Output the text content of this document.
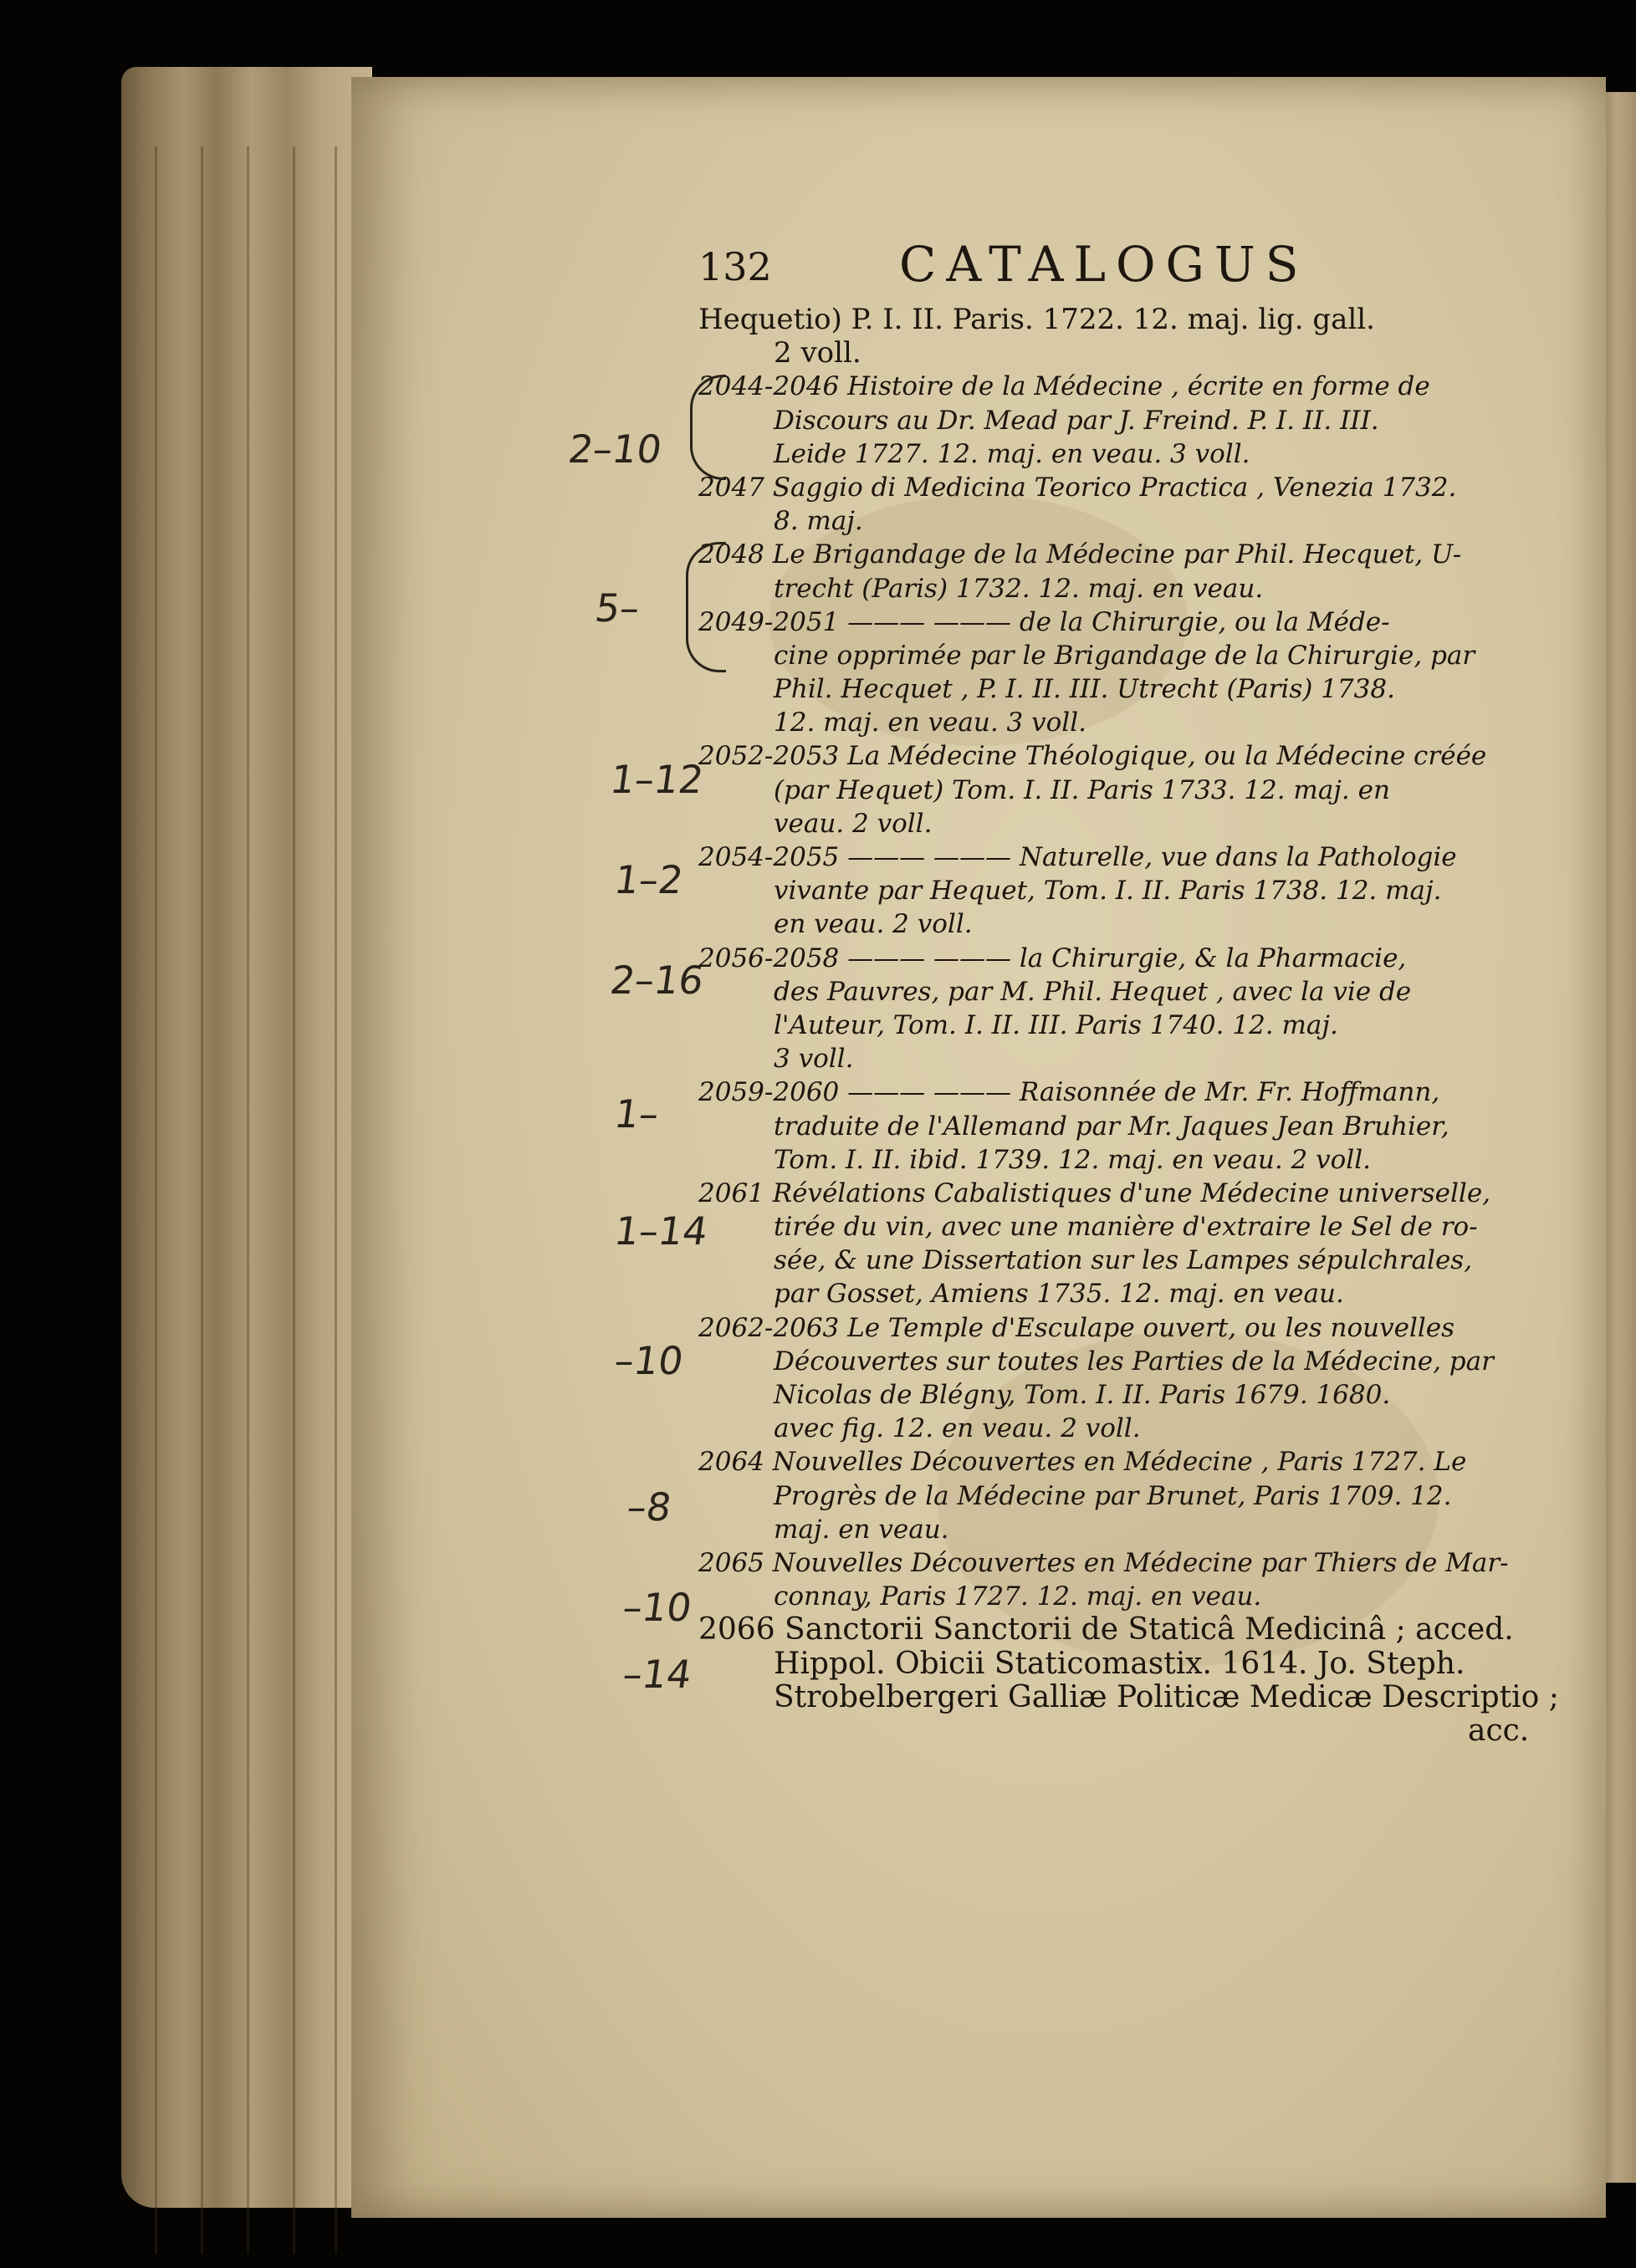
132	CATALOGUS
Hequetio) P. I. II. Paris. 1722. 12. maj. lig. gall.
2 voll.
2044-2046 Histoire de la Médecine , écrite en forme de
Discours au Dr. Mead par J. Freind. P. I. II. III.
Leide 1727. 12. maj. en veau. 3 voll.
2047 Saggio di Medicina Teorico Practica , Venezia 1732.
8. maj.
2048 Le Brigandage de la Médecine par Phil. Hecquet, U-
trecht (Paris) 1732. 12. maj. en veau.
2049-2051 ——— ——— de la Chirurgie, ou la Méde-
cine opprimée par le Brigandage de la Chirurgie, par
Phil. Hecquet , P. I. II. III. Utrecht (Paris) 1738.
12. maj. en veau. 3 voll.
2052-2053 La Médecine Théologique, ou la Médecine créée
(par Hequet) Tom. I. II. Paris 1733. 12. maj. en
veau. 2 voll.
2054-2055 ——— ——— Naturelle, vue dans la Pathologie
vivante par Hequet, Tom. I. II. Paris 1738. 12. maj.
en veau. 2 voll.
2056-2058 ——— ——— la Chirurgie, & la Pharmacie,
des Pauvres, par M. Phil. Hequet , avec la vie de
l'Auteur, Tom. I. II. III. Paris 1740. 12. maj.
3 voll.
2059-2060 ——— ——— Raisonnée de Mr. Fr. Hoffmann,
traduite de l'Allemand par Mr. Jaques Jean Bruhier,
Tom. I. II. ibid. 1739. 12. maj. en veau. 2 voll.
2061 Révélations Cabalistiques d'une Médecine universelle,
tirée du vin, avec une manière d'extraire le Sel de ro-
sée, & une Dissertation sur les Lampes sépulchrales,
par Gosset, Amiens 1735. 12. maj. en veau.
2062-2063 Le Temple d'Esculape ouvert, ou les nouvelles
Découvertes sur toutes les Parties de la Médecine, par
Nicolas de Blégny, Tom. I. II. Paris 1679. 1680.
avec fig. 12. en veau. 2 voll.
2064 Nouvelles Découvertes en Médecine , Paris 1727. Le
Progrès de la Médecine par Brunet, Paris 1709. 12.
maj. en veau.
2065 Nouvelles Découvertes en Médecine par Thiers de Mar-
connay, Paris 1727. 12. maj. en veau.
2066 Sanctorii Sanctorii de Staticâ Medicinâ ; acced.
Hippol. Obicii Staticomastix. 1614. Jo. Steph.
Strobelbergeri Galliæ Politicæ Medicæ Descriptio ;
acc.
2–10
5–
1–12
1–2
2–16
1–
1–14
–10
–8
–10
–14
